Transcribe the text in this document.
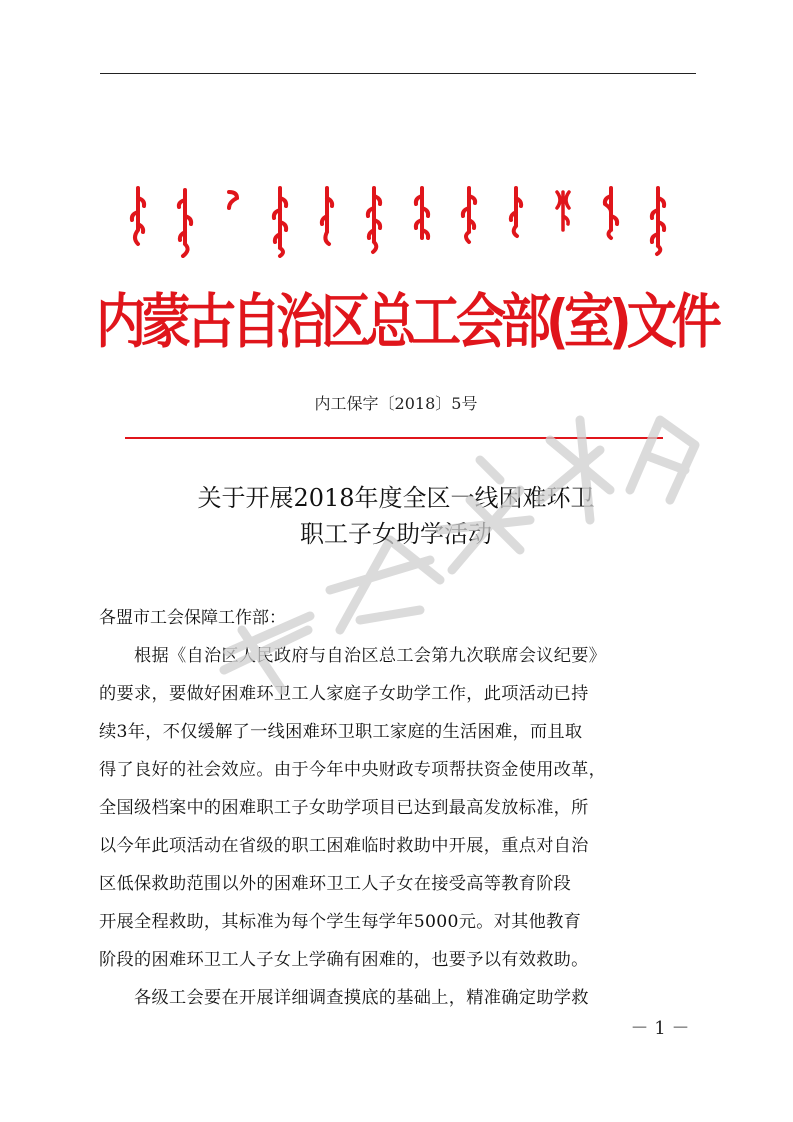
内蒙古自治区总工会部(室)文件
内工保字〔2018〕5号
关于开展2018年度全区一线困难环卫
职工子女助学活动
各盟市工会保障工作部：
根据《自治区人民政府与自治区总工会第九次联席会议纪要》
的要求，要做好困难环卫工人家庭子女助学工作，此项活动已持
续3年，不仅缓解了一线困难环卫职工家庭的生活困难，而且取
得了良好的社会效应。由于今年中央财政专项帮扶资金使用改革，
全国级档案中的困难职工子女助学项目已达到最高发放标准，所
以今年此项活动在省级的职工困难临时救助中开展，重点对自治
区低保救助范围以外的困难环卫工人子女在接受高等教育阶段
开展全程救助，其标准为每个学生每学年5000元。对其他教育
阶段的困难环卫工人子女上学确有困难的，也要予以有效救助。
各级工会要在开展详细调查摸底的基础上，精准确定助学救
－ 1 －
